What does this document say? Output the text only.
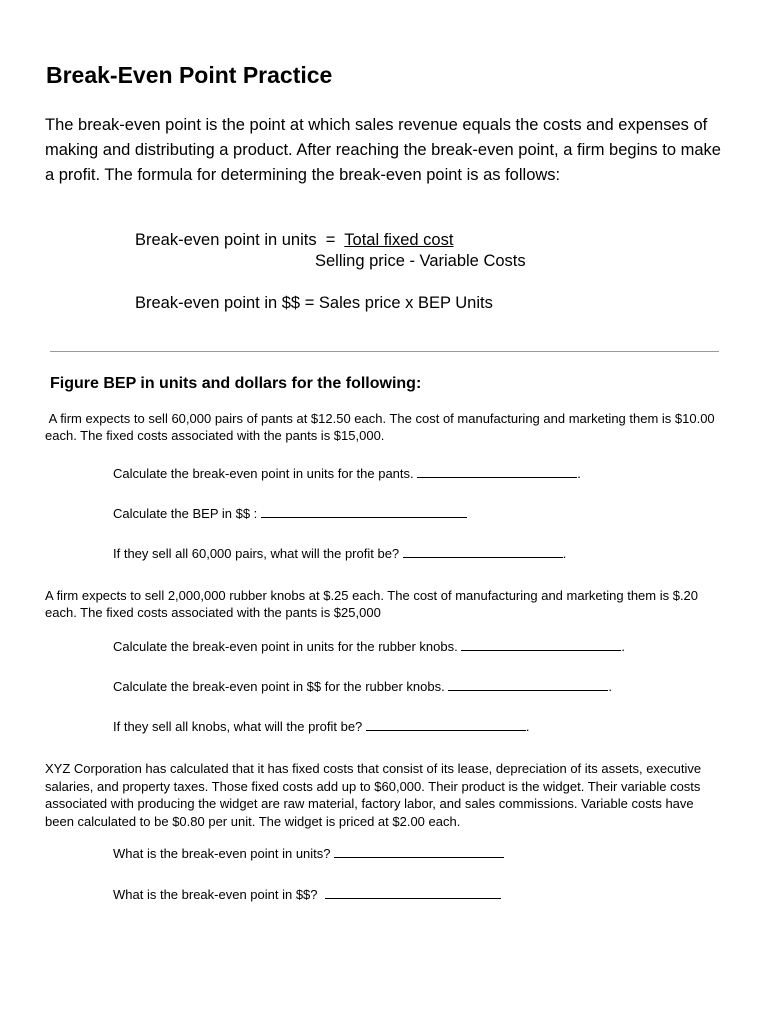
Break-Even Point Practice

The break-even point is the point at which sales revenue equals the costs and expenses of making and distributing a product. After reaching the break-even point, a firm begins to make a profit. The formula for determining the break-even point is as follows:

Break-even point in units  =  Total fixed cost
Selling price - Variable Costs
Break-even point in $$ = Sales price x BEP Units
Figure BEP in units and dollars for the following:

A firm expects to sell 60,000 pairs of pants at $12.50 each. The cost of manufacturing and marketing them is $10.00 each. The fixed costs associated with the pants is $15,000.

Calculate the break-even point in units for the pants.	.
Calculate the BEP in $$ :
If they sell all 60,000 pairs, what will the profit be?	.

A firm expects to sell 2,000,000 rubber knobs at $.25 each. The cost of manufacturing and marketing them is $.20 each. The fixed costs associated with the pants is $25,000

Calculate the break-even point in units for the rubber knobs.	.
Calculate the break-even point in $$ for the rubber knobs.	.
If they sell all knobs, what will the profit be?	.

XYZ Corporation has calculated that it has fixed costs that consist of its lease, depreciation of its assets, executive salaries, and property taxes. Those fixed costs add up to $60,000. Their product is the widget. Their variable costs associated with producing the widget are raw material, factory labor, and sales commissions. Variable costs have been calculated to be $0.80 per unit. The widget is priced at $2.00 each.

What is the break-even point in units?
What is the break-even point in $$?
